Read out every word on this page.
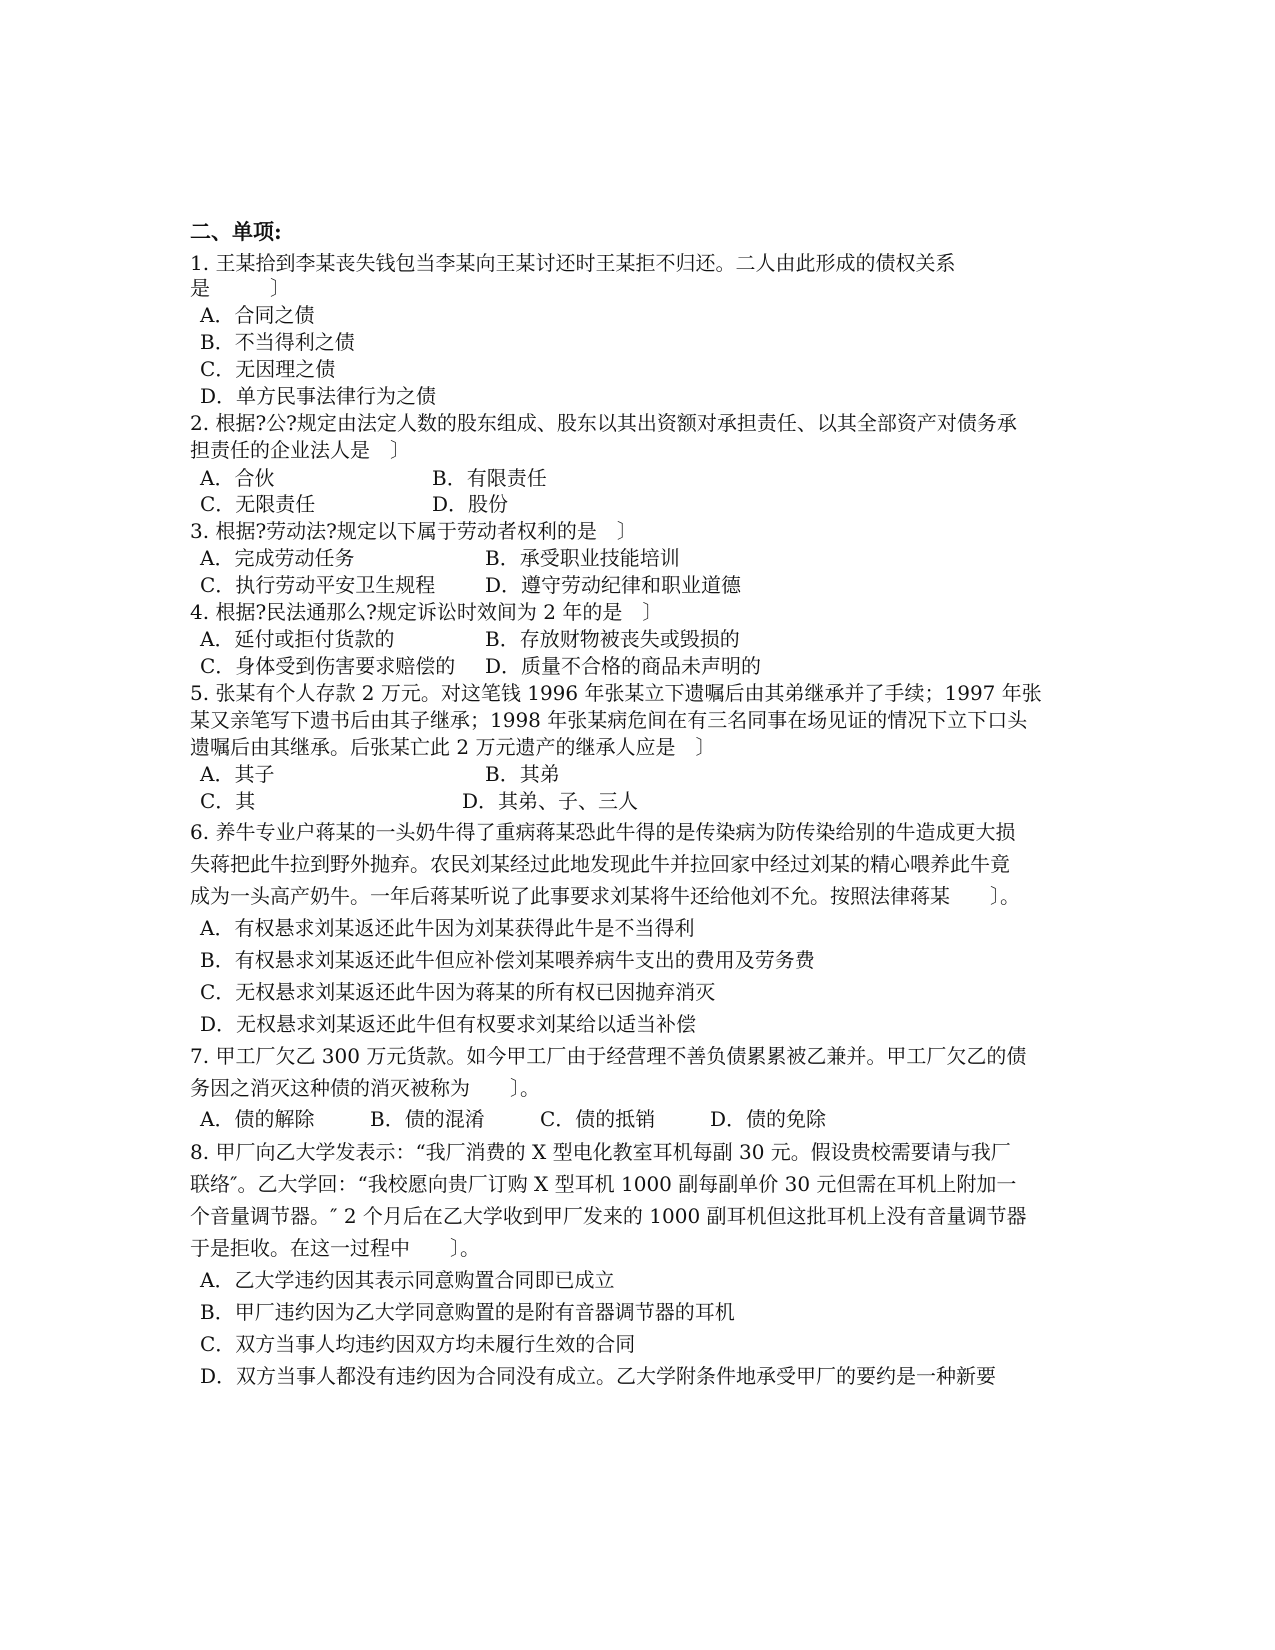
二、单项:
1. 王某拾到李某丧失钱包当李某向王某讨还时王某拒不归还。二人由此形成的债权关系
是　　　〕
A．合同之债
B．不当得利之债
C．无因理之债
D．单方民事法律行为之债
2. 根据?公?规定由法定人数的股东组成、股东以其出资额对承担责任、以其全部资产对债务承
担责任的企业法人是　〕
A．合伙	B．有限责任
C．无限责任	D．股份
3. 根据?劳动法?规定以下属于劳动者权利的是　〕
A．完成劳动任务	B．承受职业技能培训
C．执行劳动平安卫生规程 D．遵守劳动纪律和职业道德
4. 根据?民法通那么?规定诉讼时效间为 2 年的是　〕
A．延付或拒付货款的	B．存放财物被丧失或毁损的
C．身体受到伤害要求赔偿的 D．质量不合格的商品未声明的
5. 张某有个人存款 2 万元。对这笔钱 1996 年张某立下遗嘱后由其弟继承并了手续；1997 年张
某又亲笔写下遗书后由其子继承；1998 年张某病危间在有三名同事在场见证的情况下立下口头
遗嘱后由其继承。后张某亡此 2 万元遗产的继承人应是　〕
A．其子	B．其弟
C．其	D．其弟、子、三人
6. 养牛专业户蒋某的一头奶牛得了重病蒋某恐此牛得的是传染病为防传染给别的牛造成更大损
失蒋把此牛拉到野外抛弃。农民刘某经过此地发现此牛并拉回家中经过刘某的精心喂养此牛竟
成为一头高产奶牛。一年后蒋某听说了此事要求刘某将牛还给他刘不允。按照法律蒋某　　〕。
A．有权悬求刘某返还此牛因为刘某获得此牛是不当得利
B．有权悬求刘某返还此牛但应补偿刘某喂养病牛支出的费用及劳务费
C．无权悬求刘某返还此牛因为蒋某的所有权已因抛弃消灭
D．无权悬求刘某返还此牛但有权要求刘某给以适当补偿
7. 甲工厂欠乙 300 万元货款。如今甲工厂由于经营理不善负债累累被乙兼并。甲工厂欠乙的债
务因之消灭这种债的消灭被称为　　〕。
A．债的解除	B．债的混淆	C．债的抵销	D．债的免除
8. 甲厂向乙大学发表示：“我厂消费的 X 型电化教室耳机每副 30 元。假设贵校需要请与我厂
联络″。乙大学回：“我校愿向贵厂订购 X 型耳机 1000 副每副单价 30 元但需在耳机上附加一
个音量调节器。″ 2 个月后在乙大学收到甲厂发来的 1000 副耳机但这批耳机上没有音量调节器
于是拒收。在这一过程中　　〕。
A．乙大学违约因其表示同意购置合同即已成立
B．甲厂违约因为乙大学同意购置的是附有音器调节器的耳机
C．双方当事人均违约因双方均未履行生效的合同
D．双方当事人都没有违约因为合同没有成立。乙大学附条件地承受甲厂的要约是一种新要
